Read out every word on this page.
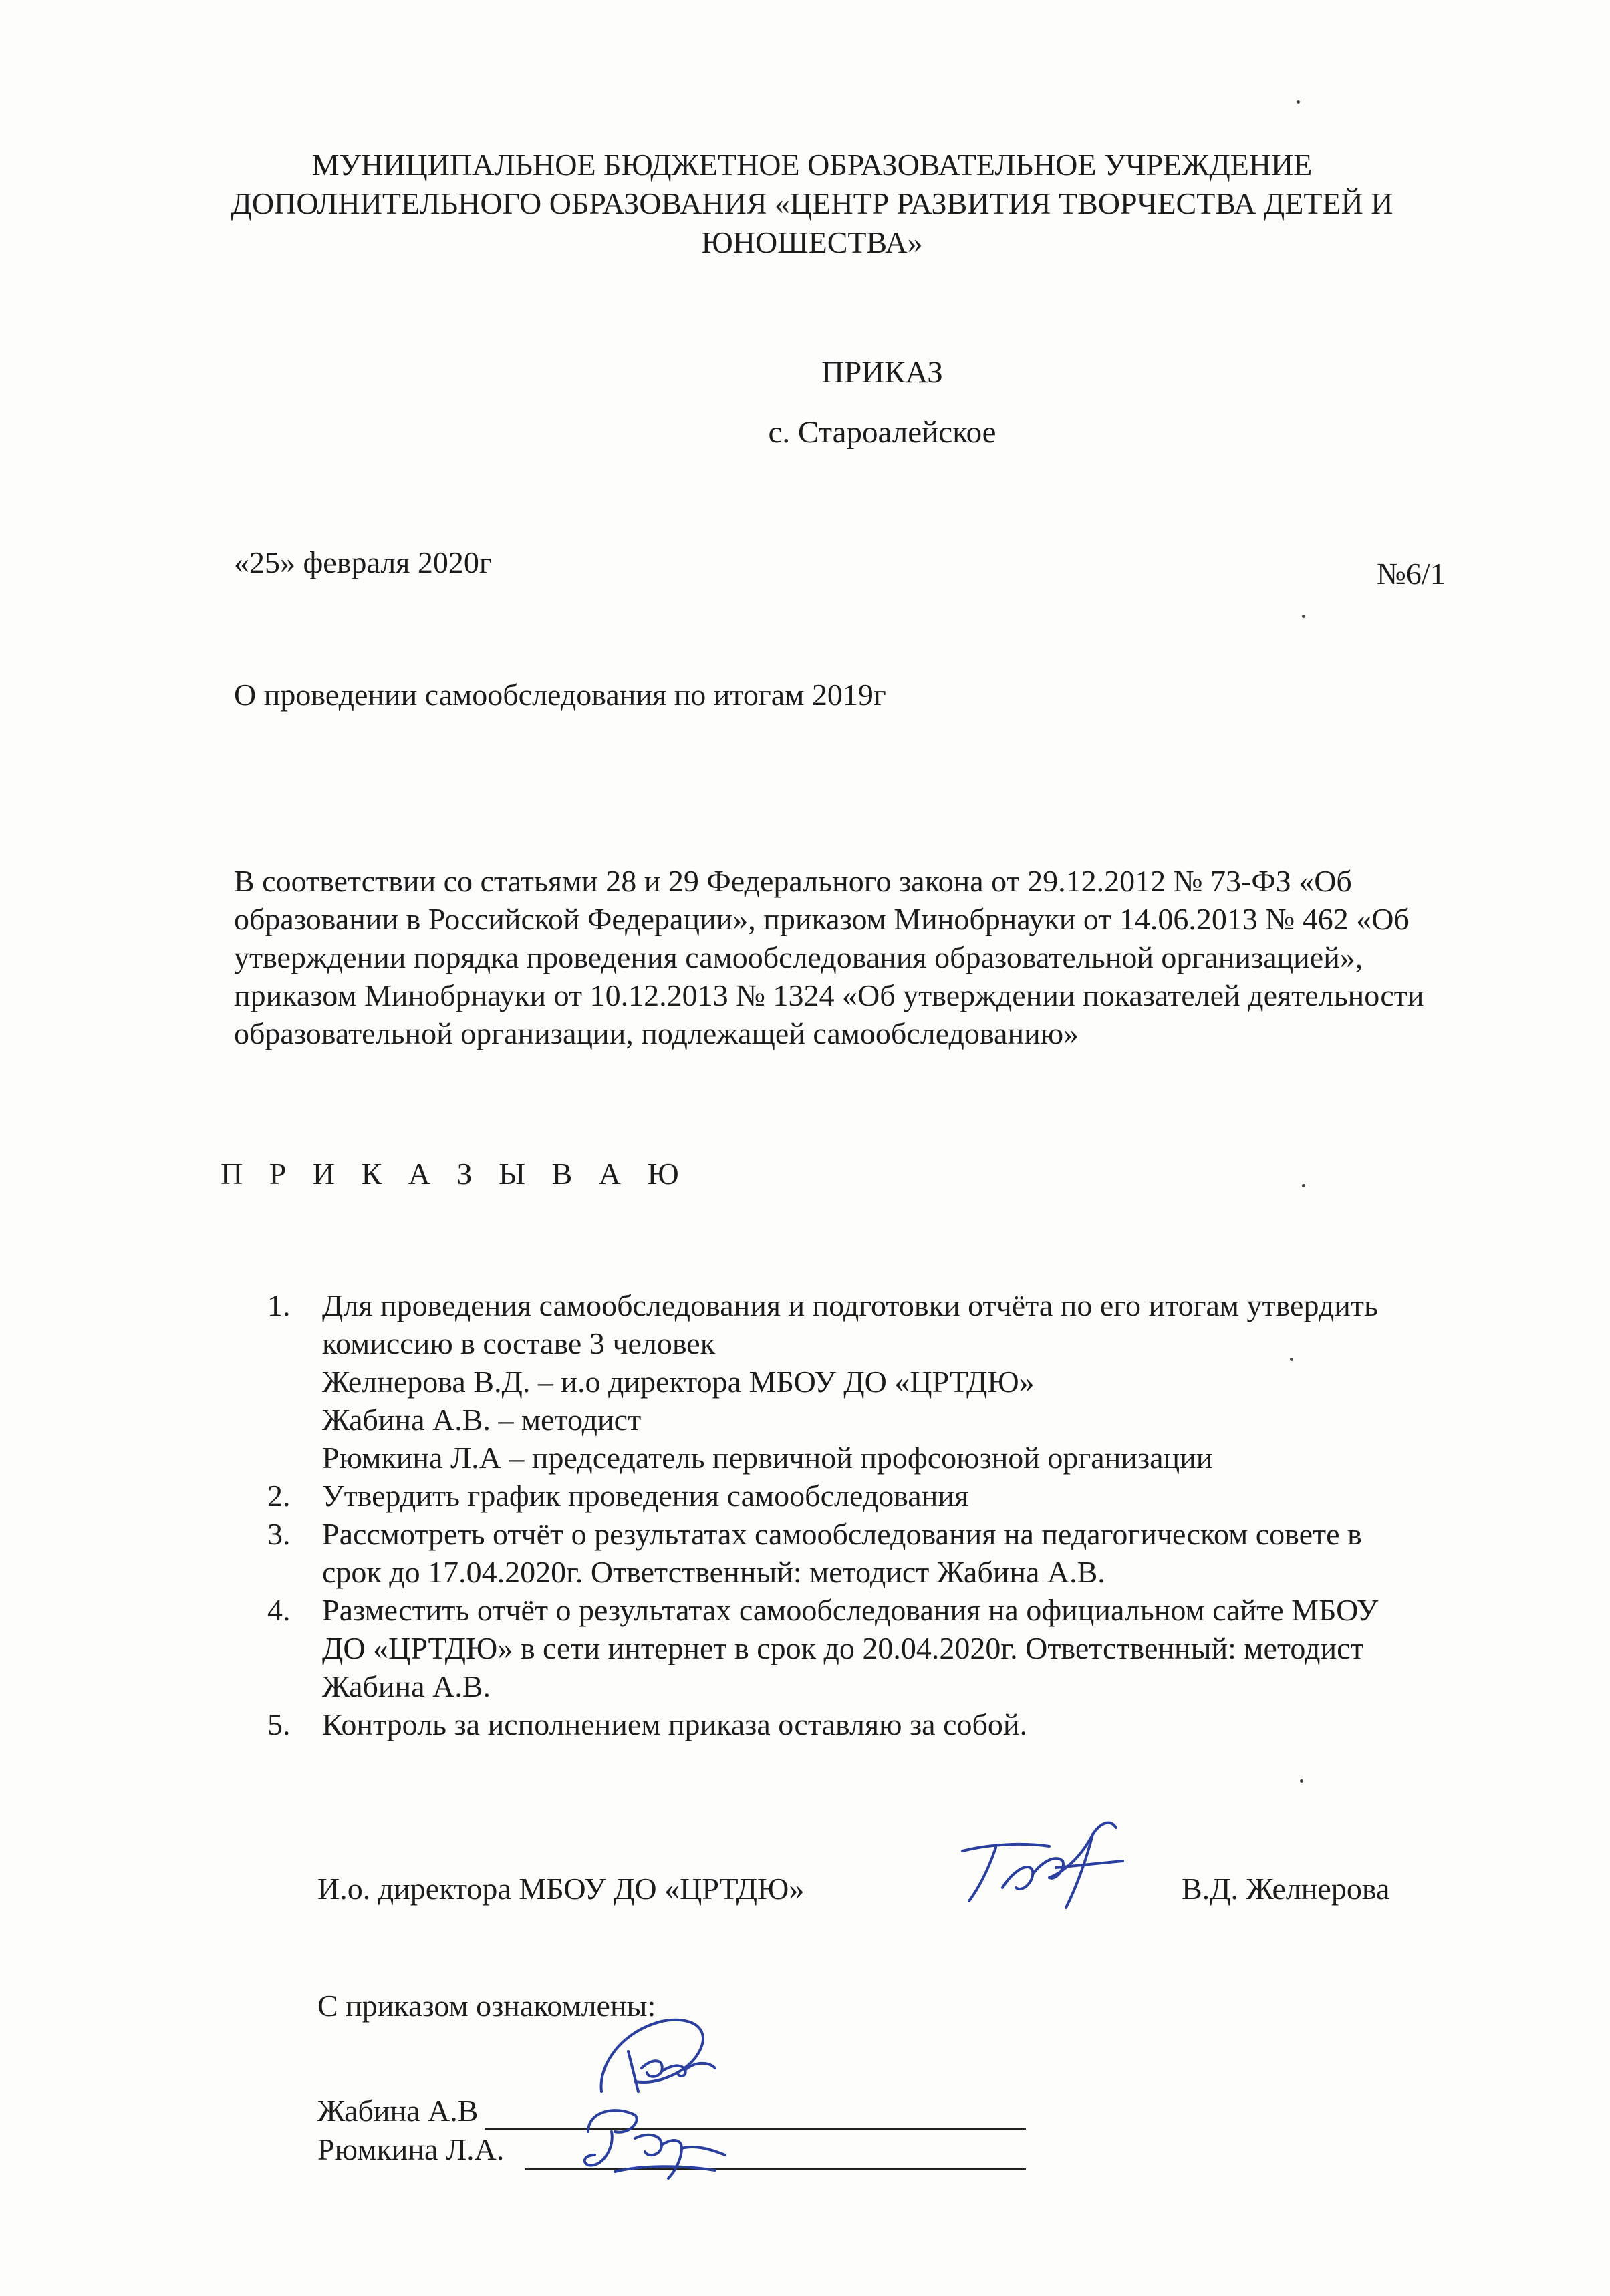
МУНИЦИПАЛЬНОЕ БЮДЖЕТНОЕ ОБРАЗОВАТЕЛЬНОЕ УЧРЕЖДЕНИЕ
ДОПОЛНИТЕЛЬНОГО ОБРАЗОВАНИЯ «ЦЕНТР РАЗВИТИЯ ТВОРЧЕСТВА ДЕТЕЙ И
ЮНОШЕСТВА»
ПРИКАЗ
с. Староалейское
«25» февраля 2020г	№6/1
О проведении самообследования по итогам 2019г
В соответствии со статьями 28 и 29 Федерального закона от 29.12.2012 № 73-ФЗ «Об
образовании в Российской Федерации», приказом Минобрнауки от 14.06.2013 № 462 «Об
утверждении порядка проведения самообследования образовательной организацией»,
приказом Минобрнауки от 10.12.2013 № 1324 «Об утверждении показателей деятельности
образовательной организации, подлежащей самообследованию»
П Р И К А З Ы В А Ю
1.	Для проведения самообследования и подготовки отчёта по его итогам утвердить
комиссию в составе 3 человек
Желнерова В.Д. – и.о директора МБОУ ДО «ЦРТДЮ»
Жабина А.В. – методист
Рюмкина Л.А – председатель первичной профсоюзной организации
2.	Утвердить график проведения самообследования
3.	Рассмотреть отчёт о результатах самообследования на педагогическом совете в
срок до 17.04.2020г. Ответственный: методист Жабина А.В.
4.	Разместить отчёт о результатах самообследования на официальном сайте МБОУ
ДО «ЦРТДЮ» в сети интернет в срок до 20.04.2020г. Ответственный: методист
Жабина А.В.
5.	Контроль за исполнением приказа оставляю за собой.
И.о. директора МБОУ ДО «ЦРТДЮ»	В.Д. Желнерова
С приказом ознакомлены:
Жабина А.В
Рюмкина Л.А.
